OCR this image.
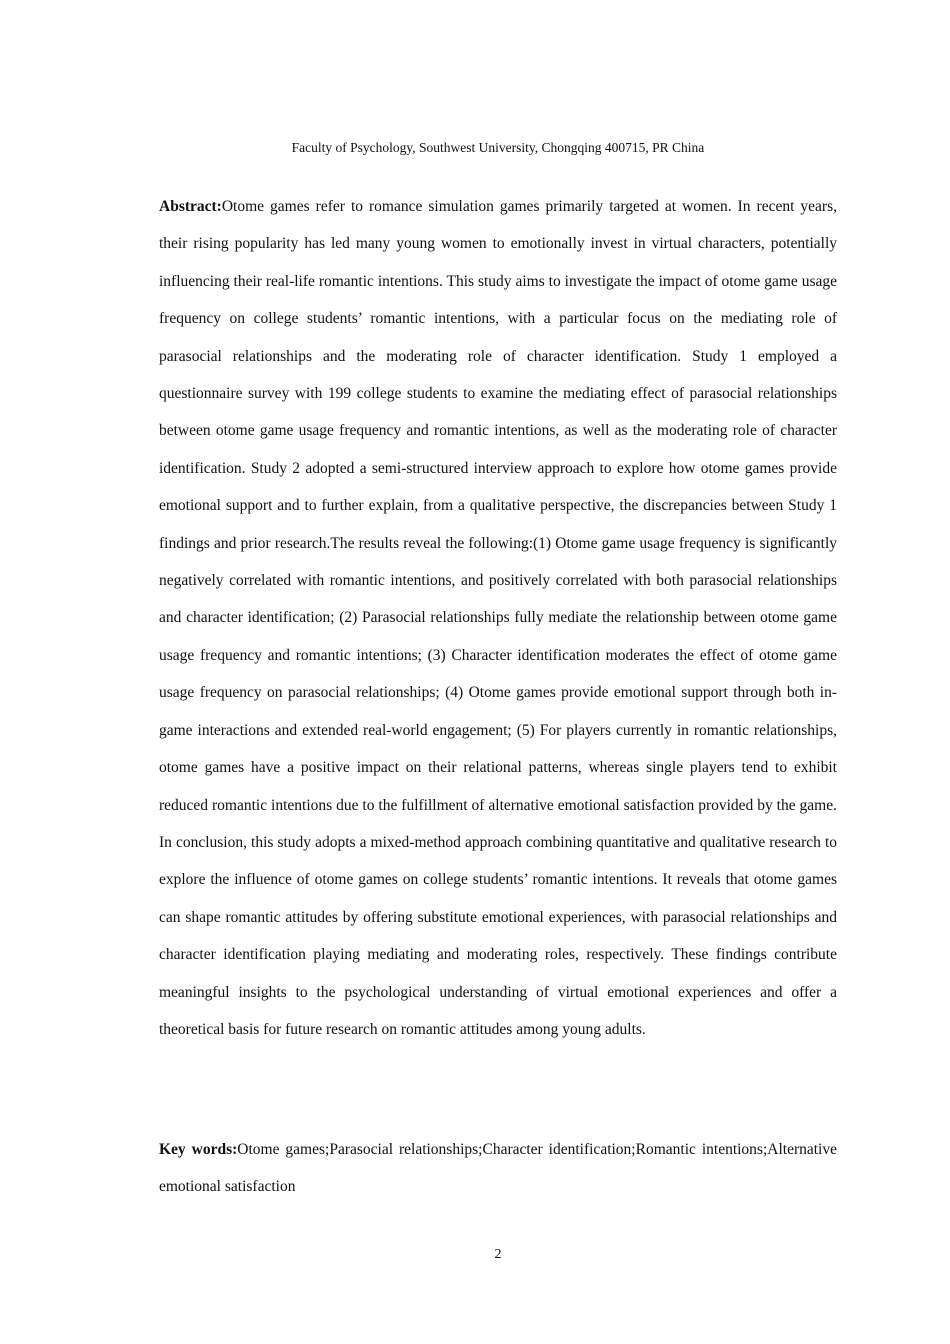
Faculty of Psychology, Southwest University, Chongqing 400715, PR China

Abstract:Otome games refer to romance simulation games primarily targeted at women. In recent years, their rising popularity has led many young women to emotionally invest in virtual characters, potentially influencing their real-life romantic intentions. This study aims to investigate the impact of otome game usage frequency on college students’ romantic intentions, with a particular focus on the mediating role of parasocial relationships and the moderating role of character identification. Study 1 employed a questionnaire survey with 199 college students to examine the mediating effect of parasocial relationships between otome game usage frequency and romantic intentions, as well as the moderating role of character identification. Study 2 adopted a semi-structured interview approach to explore how otome games provide emotional support and to further explain, from a qualitative perspective, the discrepancies between Study 1 findings and prior research.The results reveal the following:(1) Otome game usage frequency is significantly negatively correlated with romantic intentions, and positively correlated with both parasocial relationships and character identification; (2) Parasocial relationships fully mediate the relationship between otome game usage frequency and romantic intentions; (3) Character identification moderates the effect of otome game usage frequency on parasocial relationships; (4) Otome games provide emotional support through both in-game interactions and extended real-world engagement; (5) For players currently in romantic relationships, otome games have a positive impact on their relational patterns, whereas single players tend to exhibit reduced romantic intentions due to the fulfillment of alternative emotional satisfaction provided by the game. In conclusion, this study adopts a mixed-method approach combining quantitative and qualitative research to explore the influence of otome games on college students’ romantic intentions. It reveals that otome games can shape romantic attitudes by offering substitute emotional experiences, with parasocial relationships and character identification playing mediating and moderating roles, respectively. These findings contribute meaningful insights to the psychological understanding of virtual emotional experiences and offer a theoretical basis for future research on romantic attitudes among young adults.

Key words:Otome games;Parasocial relationships;Character identification;Romantic intentions;Alternative emotional satisfaction

2
